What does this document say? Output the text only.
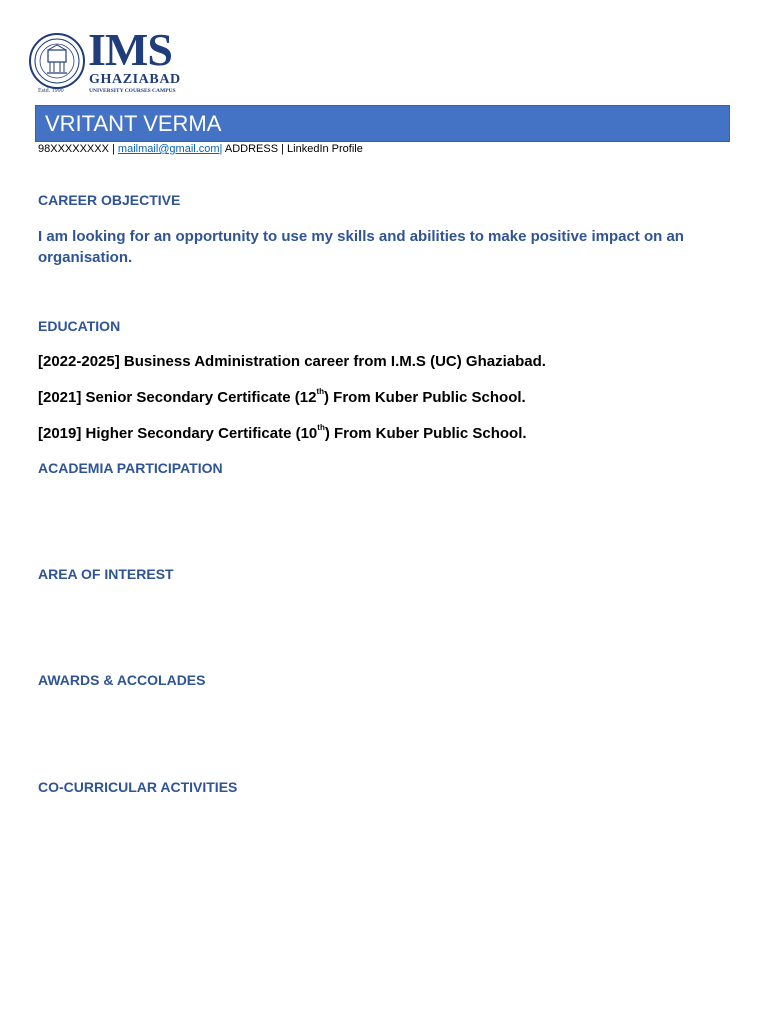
Estd. 1990
IMS
GHAZIABAD
UNIVERSITY COURSES CAMPUS
VRITANT VERMA
98XXXXXXXX | mailmail@gmail.com| ADDRESS | LinkedIn Profile
CAREER OBJECTIVE
I am looking for an opportunity to use my skills and abilities to make positive impact on an organisation.
EDUCATION
[2022-2025] Business Administration career from I.M.S (UC) Ghaziabad.
[2021] Senior Secondary Certificate (12th) From Kuber Public School.
[2019] Higher Secondary Certificate (10th) From Kuber Public School.
ACADEMIA PARTICIPATION
AREA OF INTEREST
AWARDS & ACCOLADES
CO-CURRICULAR ACTIVITIES
